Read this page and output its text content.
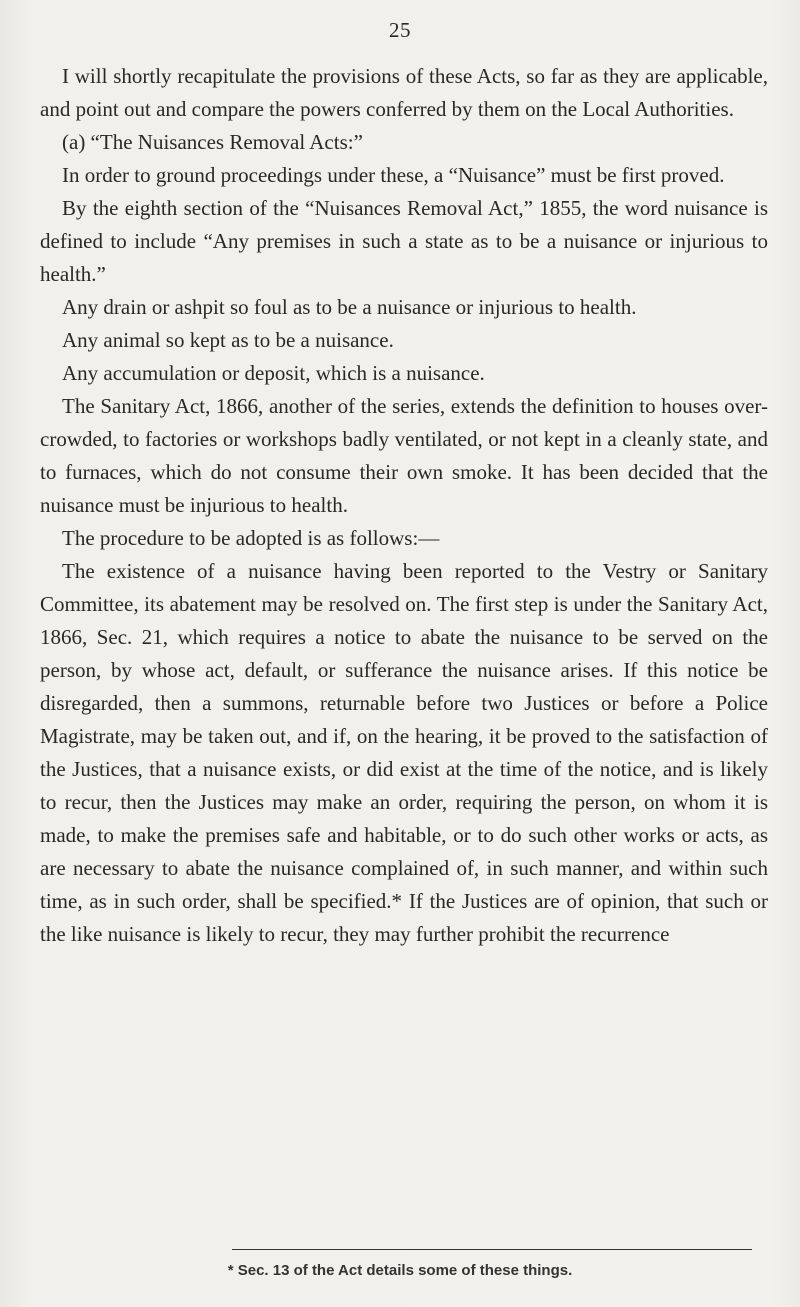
25

I will shortly recapitulate the provisions of these Acts, so far as they are applicable, and point out and compare the powers conferred by them on the Local Authorities.

(a) “The Nuisances Removal Acts:”

In order to ground proceedings under these, a “Nuisance” must be first proved.

By the eighth section of the “Nuisances Removal Act,” 1855, the word nuisance is defined to include “Any premises in such a state as to be a nuisance or injurious to health.”

Any drain or ashpit so foul as to be a nuisance or injurious to health.

Any animal so kept as to be a nuisance.

Any accumulation or deposit, which is a nuisance.

The Sanitary Act, 1866, another of the series, extends the definition to houses over-crowded, to factories or workshops badly ventilated, or not kept in a cleanly state, and to furnaces, which do not consume their own smoke. It has been decided that the nuisance must be injurious to health.

The procedure to be adopted is as follows:—

The existence of a nuisance having been reported to the Vestry or Sanitary Committee, its abatement may be resolved on. The first step is under the Sanitary Act, 1866, Sec. 21, which requires a notice to abate the nuisance to be served on the person, by whose act, default, or sufferance the nuisance arises. If this notice be disregarded, then a summons, returnable before two Justices or before a Police Magistrate, may be taken out, and if, on the hearing, it be proved to the satisfaction of the Justices, that a nuisance exists, or did exist at the time of the notice, and is likely to recur, then the Justices may make an order, requiring the person, on whom it is made, to make the premises safe and habitable, or to do such other works or acts, as are necessary to abate the nuisance complained of, in such manner, and within such time, as in such order, shall be specified.* If the Justices are of opinion, that such or the like nuisance is likely to recur, they may further prohibit the recurrence

* Sec. 13 of the Act details some of these things.
